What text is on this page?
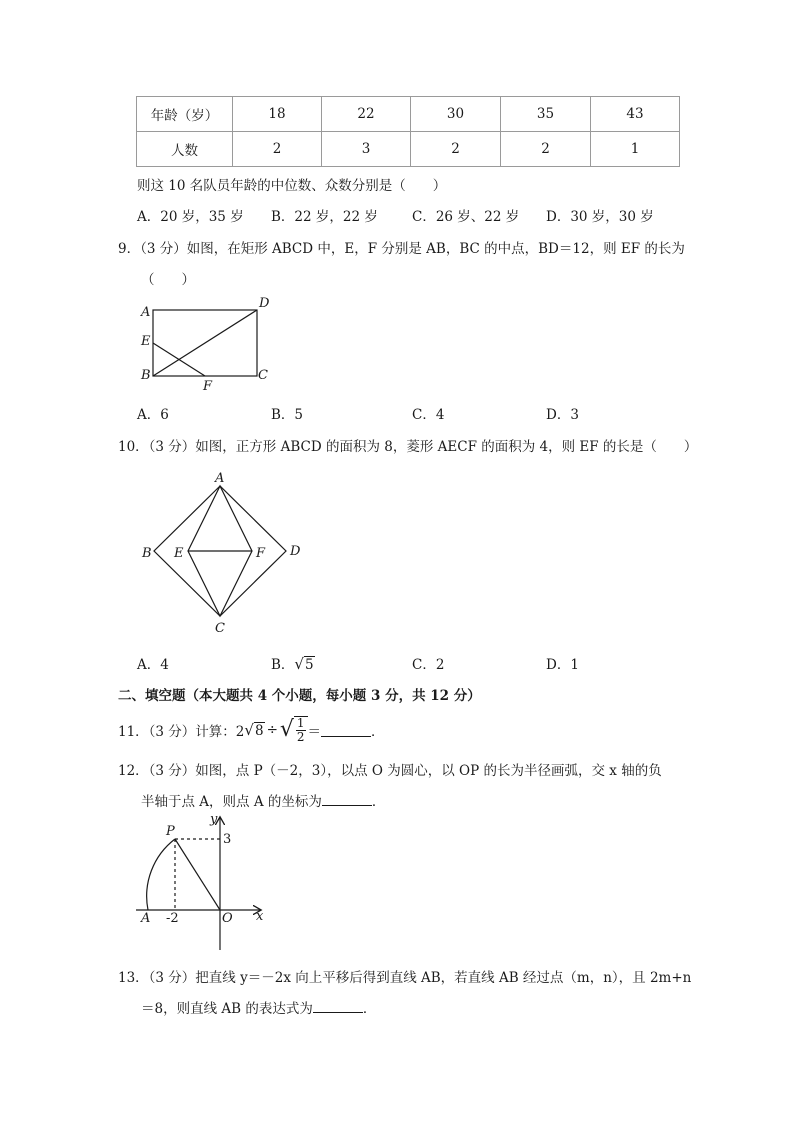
年龄（岁）	18	22	30	35	43
人数	2	3	2	2	1
则这 10 名队员年龄的中位数、众数分别是（　　）
A．20 岁，35 岁 B．22 岁，22 岁	C．26 岁、22 岁 D．30 岁，30 岁
9．（3 分）如图，在矩形 ABCD 中，E，F 分别是 AB，BC 的中点，BD＝12，则 EF 的长为
（　　）
A
D
E
B	C
F
A．6	B．5	C．4	D．3
10．（3 分）如图，正方形 ABCD 的面积为 8，菱形 AECF 的面积为 4，则 EF 的长是（　　）
A
B E	F D
C
A．4	B．√5	C．2	D．1
二、填空题（本大题共 4 个小题，每小题 3 分，共 12 分）
11．（3 分）计算：2 √ 8 ÷ √ $\frac{1}{2}$ ＝	．
12．（3 分）如图，点 P（－2，3），以点 O 为圆心，以 OP 的长为半径画弧，交 x 轴的负
半轴于点 A，则点 A 的坐标为	．
P
y
3
A -2	O x
13．（3 分）把直线 y＝－2x 向上平移后得到直线 AB，若直线 AB 经过点（m，n），且 2m+n
＝8，则直线 AB 的表达式为	．
